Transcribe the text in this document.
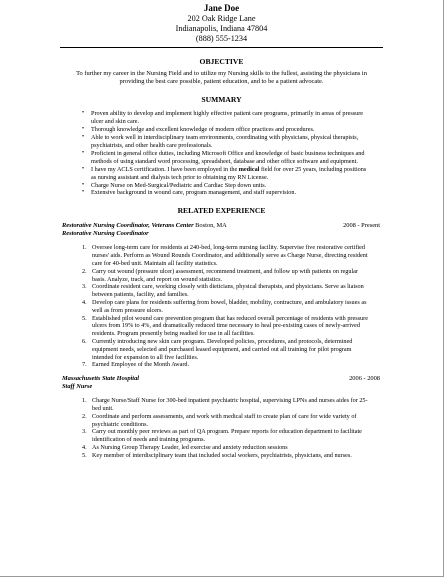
Jane Doe
202 Oak Ridge Lane
Indianapolis, Indiana 47804
(888) 555-1234
OBJECTIVE
To further my career in the Nursing Field and to utilize my Nursing skills to the fullest, assisting the physicians in providing the best care possible, patient education, and to be a patient advocate.
SUMMARY
• Proven ability to develop and implement highly effective patient care programs, primarily in areas of pressure ulcer and skin care.
• Thorough knowledge and excellent knowledge of modern office practices and procedures.
• Able to work well in interdisciplinary team environments, coordinating with physicians, physical therapists, psychiatrists, and other health care professionals.
• Proficient in general office duties, including Microsoft Office and knowledge of basic business techniques and methods of using standard word processing, spreadsheet, database and other office software and equipment.
• I have my ACLS certification. I have been employed in the medical field for over 25 years, including positions as nursing assistant and dialysis tech prior to obtaining my RN License.
• Charge Nurse on Med-Surgical/Pediatric and Cardiac Step down units.
• Extensive background in wound care, program management, and staff supervision.
RELATED EXPERIENCE
Restorative Nursing Coordinator, Veterans Center Boston, MA	2008 - Present
Restorative Nursing Coordinator
1. Oversee long-term care for residents at 240-bed, long-term nursing facility. Supervise five restorative certified nurses' aids. Perform as Wound Rounds Coordinator, and additionally serve as Charge Nurse, directing resident care for 40-bed unit. Maintain all facility statistics.
2. Carry out wound (pressure ulcer) assessment, recommend treatment, and follow up with patients on regular basis. Analyze, track, and report on wound statistics.
3. Coordinate resident care, working closely with dieticians, physical therapists, and physicians. Serve as liaison between patients, facility, and families.
4. Develop care plans for residents suffering from bowel, bladder, mobility, contracture, and ambulatory issues as well as from pressure ulcers.
5. Established pilot wound care prevention program that has reduced overall percentage of residents with pressure ulcers from 19% to 4%, and dramatically reduced time necessary to heal pre-existing cases of newly-arrived residents. Program presently being readied for use in all facilities.
6. Currently introducing new skin care program. Developed policies, procedures, and protocols, determined equipment needs, selected and purchased leased equipment, and carried out all training for pilot program intended for expansion to all five facilities.
7. Earned Employee of the Month Award.
Massachusetts State Hospital	2006 - 2008
Staff Nurse
1. Charge Nurse/Staff Nurse for 300-bed inpatient psychiatric hospital, supervising LPNs and nurses aides for 25-bed unit.
2. Coordinate and perform assessments, and work with medical staff to create plan of care for wide variety of psychiatric conditions.
3. Carry out monthly peer reviews as part of QA program. Prepare reports for education department to facilitate identification of needs and training programs.
4. As Nursing Group Therapy Leader, led exercise and anxiety reduction sessions
5. Key member of interdisciplinary team that included social workers, psychiatrists, physicians, and nurses.
